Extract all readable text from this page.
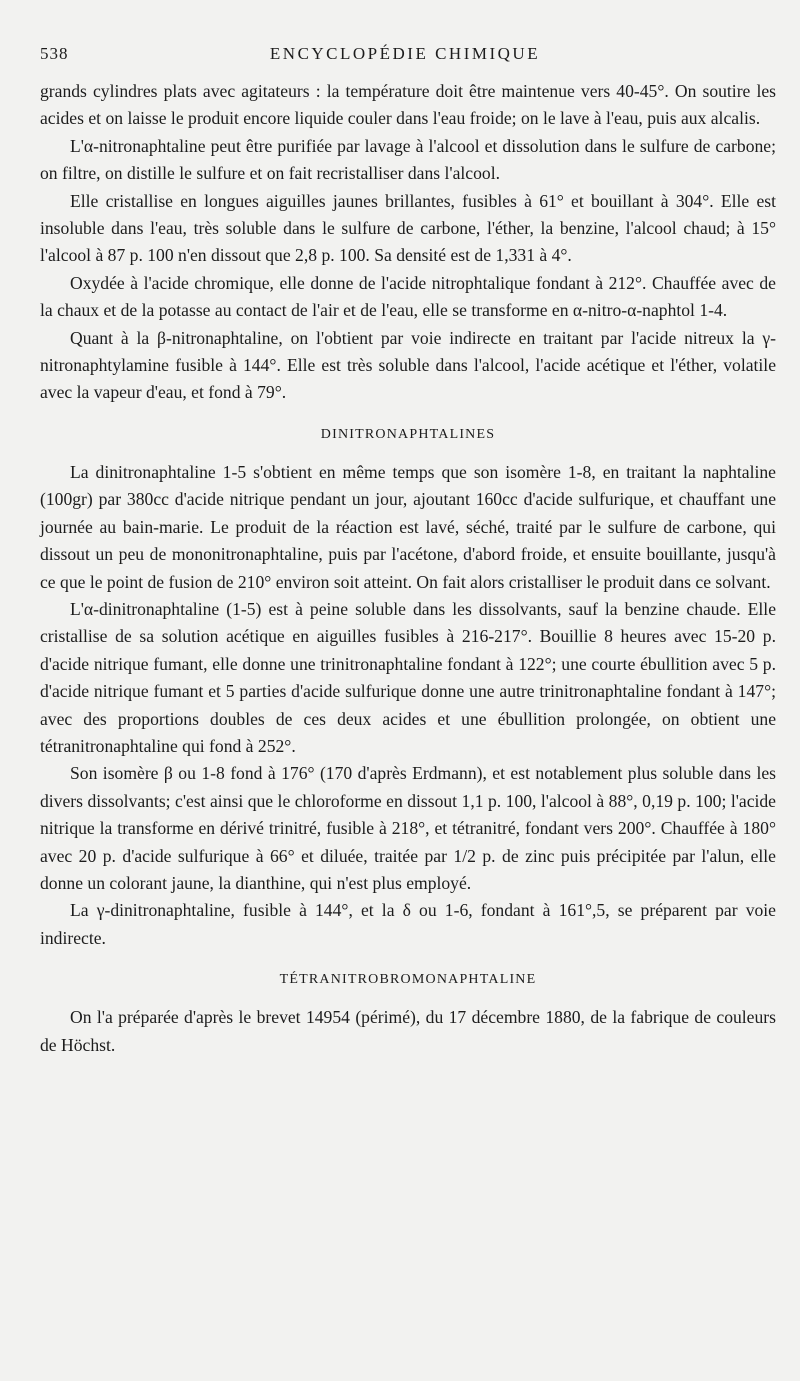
538	ENCYCLOPÉDIE CHIMIQUE

grands cylindres plats avec agitateurs : la température doit être maintenue vers 40-45°. On soutire les acides et on laisse le produit encore liquide couler dans l'eau froide; on le lave à l'eau, puis aux alcalis.

L'α-nitronaphtaline peut être purifiée par lavage à l'alcool et dissolution dans le sulfure de carbone; on filtre, on distille le sulfure et on fait recristalliser dans l'alcool.

Elle cristallise en longues aiguilles jaunes brillantes, fusibles à 61° et bouillant à 304°. Elle est insoluble dans l'eau, très soluble dans le sulfure de carbone, l'éther, la benzine, l'alcool chaud; à 15° l'alcool à 87 p. 100 n'en dissout que 2,8 p. 100. Sa densité est de 1,331 à 4°.

Oxydée à l'acide chromique, elle donne de l'acide nitrophtalique fondant à 212°. Chauffée avec de la chaux et de la potasse au contact de l'air et de l'eau, elle se transforme en α-nitro-α-naphtol 1-4.

Quant à la β-nitronaphtaline, on l'obtient par voie indirecte en traitant par l'acide nitreux la γ-nitronaphtylamine fusible à 144°. Elle est très soluble dans l'alcool, l'acide acétique et l'éther, volatile avec la vapeur d'eau, et fond à 79°.

DINITRONAPHTALINES

La dinitronaphtaline 1-5 s'obtient en même temps que son isomère 1-8, en traitant la naphtaline (100gr) par 380cc d'acide nitrique pendant un jour, ajoutant 160cc d'acide sulfurique, et chauffant une journée au bain-marie. Le produit de la réaction est lavé, séché, traité par le sulfure de carbone, qui dissout un peu de mononitronaphtaline, puis par l'acétone, d'abord froide, et ensuite bouillante, jusqu'à ce que le point de fusion de 210° environ soit atteint. On fait alors cristalliser le produit dans ce solvant.

L'α-dinitronaphtaline (1-5) est à peine soluble dans les dissolvants, sauf la benzine chaude. Elle cristallise de sa solution acétique en aiguilles fusibles à 216-217°. Bouillie 8 heures avec 15-20 p. d'acide nitrique fumant, elle donne une trinitronaphtaline fondant à 122°; une courte ébullition avec 5 p. d'acide nitrique fumant et 5 parties d'acide sulfurique donne une autre trinitronaphtaline fondant à 147°; avec des proportions doubles de ces deux acides et une ébullition prolongée, on obtient une tétranitronaphtaline qui fond à 252°.

Son isomère β ou 1-8 fond à 176° (170 d'après Erdmann), et est notablement plus soluble dans les divers dissolvants; c'est ainsi que le chloroforme en dissout 1,1 p. 100, l'alcool à 88°, 0,19 p. 100; l'acide nitrique la transforme en dérivé trinitré, fusible à 218°, et tétranitré, fondant vers 200°. Chauffée à 180° avec 20 p. d'acide sulfurique à 66° et diluée, traitée par 1/2 p. de zinc puis précipitée par l'alun, elle donne un colorant jaune, la dianthine, qui n'est plus employé.

La γ-dinitronaphtaline, fusible à 144°, et la δ ou 1-6, fondant à 161°,5, se préparent par voie indirecte.

TÉTRANITROBROMONAPHTALINE

On l'a préparée d'après le brevet 14954 (périmé), du 17 décembre 1880, de la fabrique de couleurs de Höchst.
